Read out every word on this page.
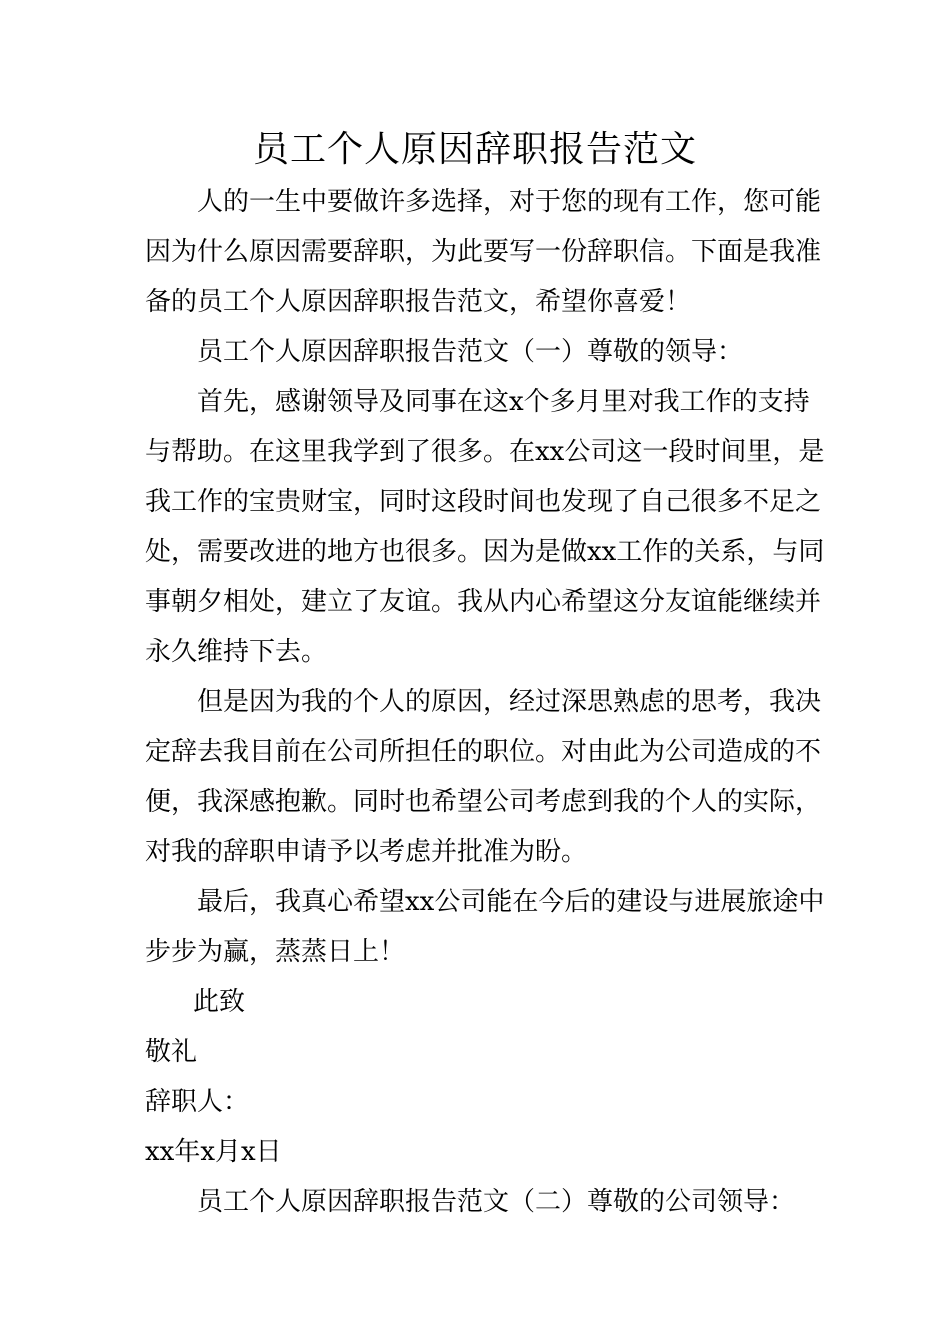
员工个人原因辞职报告范文

人的一生中要做许多选择，对于您的现有工作，您可能因为什么原因需要辞职，为此要写一份辞职信。下面是我准备的员工个人原因辞职报告范文，希望你喜爱！

员工个人原因辞职报告范文（一）尊敬的领导：

首先，感谢领导及同事在这x个多月里对我工作的支持与帮助。在这里我学到了很多。在xx公司这一段时间里，是我工作的宝贵财宝，同时这段时间也发现了自己很多不足之处，需要改进的地方也很多。因为是做xx工作的关系，与同事朝夕相处，建立了友谊。我从内心希望这分友谊能继续并永久维持下去。

但是因为我的个人的原因，经过深思熟虑的思考，我决定辞去我目前在公司所担任的职位。对由此为公司造成的不便，我深感抱歉。同时也希望公司考虑到我的个人的实际，对我的辞职申请予以考虑并批准为盼。

最后，我真心希望xx公司能在今后的建设与进展旅途中步步为赢，蒸蒸日上！

此致

敬礼

辞职人：

xx年x月x日

员工个人原因辞职报告范文（二）尊敬的公司领导：
